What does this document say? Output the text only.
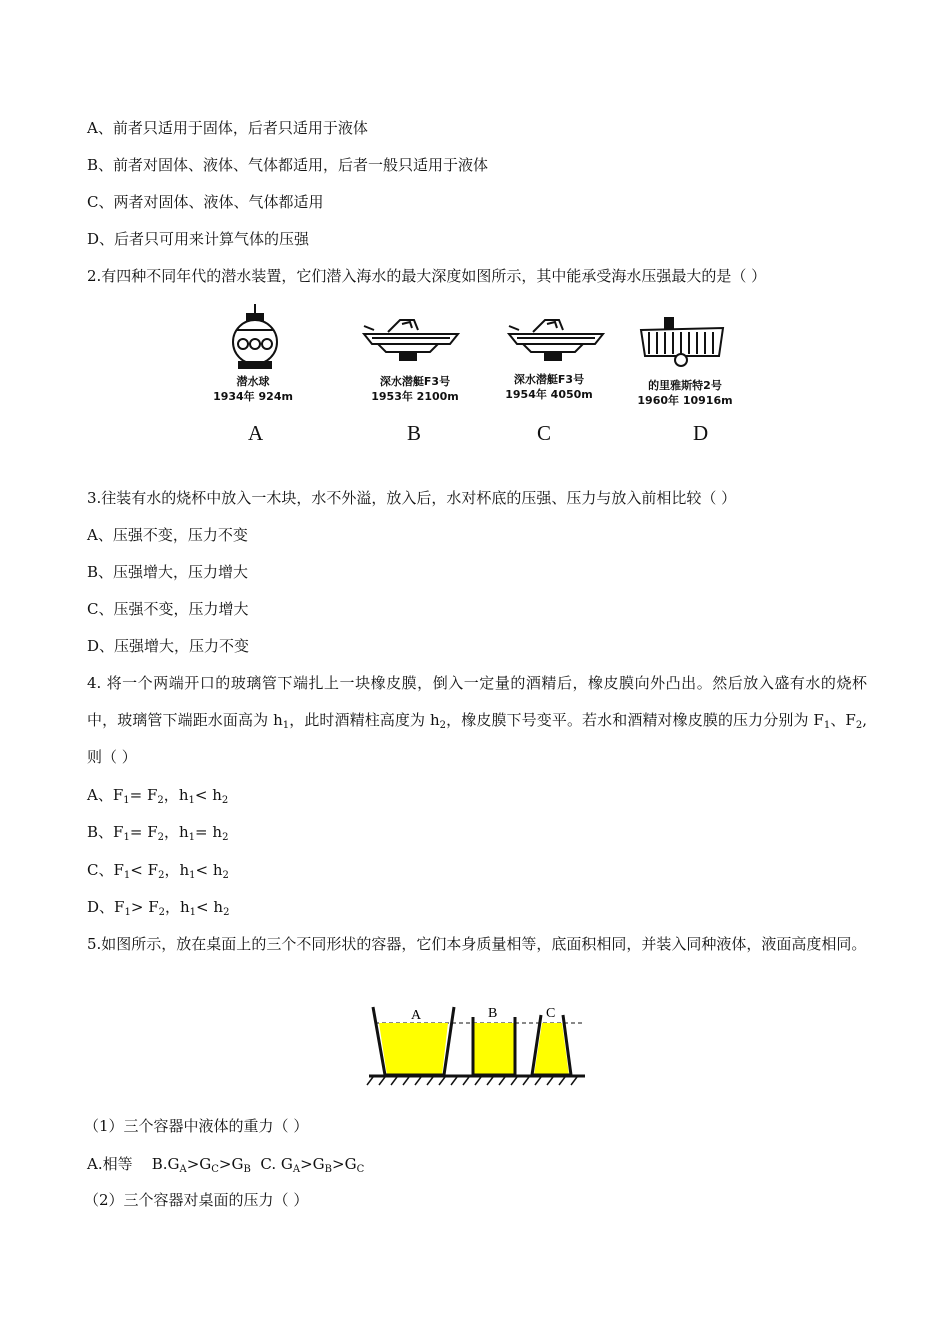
A、前者只适用于固体，后者只适用于液体
B、前者对固体、液体、气体都适用，后者一般只适用于液体
C、两者对固体、液体、气体都适用
D、后者只可用来计算气体的压强
2.有四种不同年代的潜水装置，它们潜入海水的最大深度如图所示，其中能承受海水压强最大的是（ ）
潜水球
1934年 924m
深水潜艇F3号
1953年 2100m
深水潜艇F3号
1954年 4050m
的里雅斯特2号
1960年 10916m
A	B	C	D
3.往装有水的烧杯中放入一木块，水不外溢，放入后，水对杯底的压强、压力与放入前相比较（ ）
A、压强不变，压力不变
B、压强增大，压力增大
C、压强不变，压力增大
D、压强增大，压力不变
4. 将一个两端开口的玻璃管下端扎上一块橡皮膜，倒入一定量的酒精后，橡皮膜向外凸出。然后放入盛有水的烧杯中，玻璃管下端距水面高为 $h_1$，此时酒精柱高度为 $h_2$，橡皮膜下号变平。若水和酒精对橡皮膜的压力分别为 $F_1$、$F_2$,则（ ）
A、$F_1= F_2$，$h_1< h_2$
B、$F_1= F_2$，$h_1= h_2$
C、$F_1< F_2$，$h_1< h_2$
D、$F_1> F_2$，$h_1< h_2$
5.如图所示，放在桌面上的三个不同形状的容器，它们本身质量相等，底面积相同，并装入同种液体，液面高度相同。
A	B	C
（1）三个容器中液体的重力（ ）
A.相等 $B.G_A>G_C>G_B$ C. $G_A>G_B>G_C$
（2）三个容器对桌面的压力（ ）
